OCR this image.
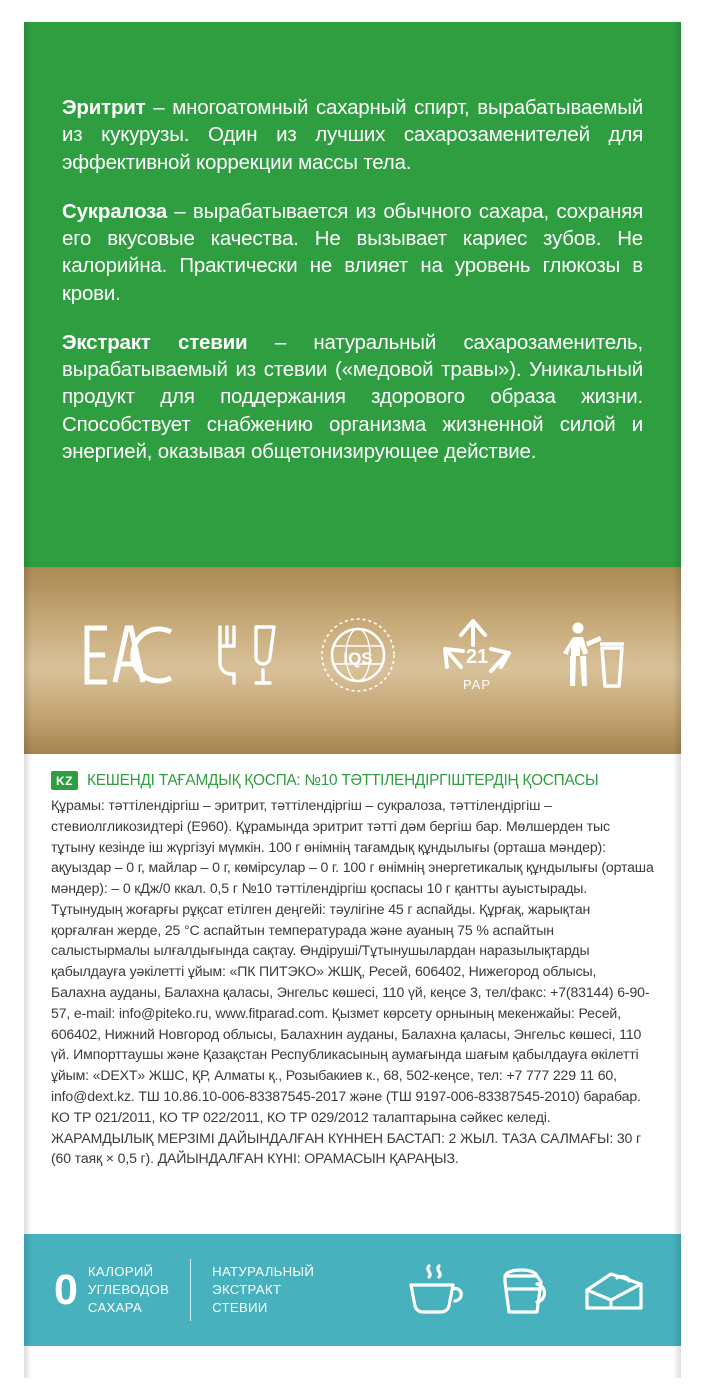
Эритрит – многоатомный сахарный спирт, вырабатываемый из кукурузы. Один из лучших сахарозаменителей для эффективной коррекции массы тела.

Сукралоза – вырабатывается из обычного сахара, сохраняя его вкусовые качества. Не вызывает кариес зубов. Не калорийна. Практически не влияет на уровень глюкозы в крови.

Экстракт стевии – натуральный сахарозаменитель, вырабатываемый из стевии («медовой травы»). Уникальный продукт для поддержания здорового образа жизни. Способствует снабжению организма жизненной силой и энергией, оказывая общетонизирующее действие.

IQS	21
PAP
KZ КЕШЕНДІ ТАҒАМДЫҚ ҚОСПА: №10 ТӘТТІЛЕНДІРГІШТЕРДІҢ ҚОСПАСЫ
Құрамы: тәттілендіргіш – эритрит, тәттілендіргіш – сукралоза, тәттілендіргіш – стевиолгликозидтері (E960). Құрамында эритрит тәтті дәм бергіш бар. Мөлшерден тыс тұтыну кезінде іш жүргізуі мүмкін. 100 г өнімнің тағамдық құндылығы (орташа мәндер): ақуыздар – 0 г, майлар – 0 г, көмірсулар – 0 г. 100 г өнімнің энергетикалық құндылығы (орташа мәндер): – 0 кДж/0 ккал. 0,5 г №10 тәттілендіргіш қоспасы 10 г қантты ауыстырады. Тұтынудың жоғарғы рұқсат етілген деңгейі: тәулігіне 45 г аспайды. Құрғақ, жарықтан қорғалған жерде, 25 °С аспайтын температурада және ауаның 75 % аспайтын салыстырмалы ылғалдығында сақтау. Өндіруші/Тұтынушылардан наразылықтарды қабылдауға уәкілетті ұйым: «ПК ПИТЭКО» ЖШҚ, Ресей, 606402, Нижегород облысы, Балахна ауданы, Балахна қаласы, Энгельс көшесі, 110 үй, кеңсе 3, тел/факс: +7(83144) 6-90-57, e-mail: info@piteko.ru, www.fitparad.com. Қызмет көрсету орнының мекенжайы: Ресей, 606402, Нижний Новгород облысы, Балахнин ауданы, Балахна қаласы, Энгельс көшесі, 110 үй. Импорттаушы және Қазақстан Республикасының аумағында шағым қабылдауға өкілетті ұйым: «DEXT» ЖШС, ҚР, Алматы қ., Розыбакиев к., 68, 502-кеңсе, тел: +7 777 229 11 60, info@dext.kz. ТШ 10.86.10-006-83387545-2017 және (ТШ 9197-006-83387545-2010) барабар. КО ТР 021/2011, КО ТР 022/2011, КО ТР 029/2012 талаптарына сәйкес келеді. ЖАРАМДЫЛЫҚ МЕРЗІМІ ДАЙЫНДАЛҒАН КҮННЕН БАСТАП: 2 ЖЫЛ. ТАЗА САЛМАҒЫ: 30 г (60 таяқ × 0,5 г). ДАЙЫНДАЛҒАН КҮНІ: ОРАМАСЫН ҚАРАҢЫЗ.
0 КАЛОРИЙ
УГЛЕВОДОВ
САХАРА
НАТУРАЛЬНЫЙ
ЭКСТРАКТ
СТЕВИИ
